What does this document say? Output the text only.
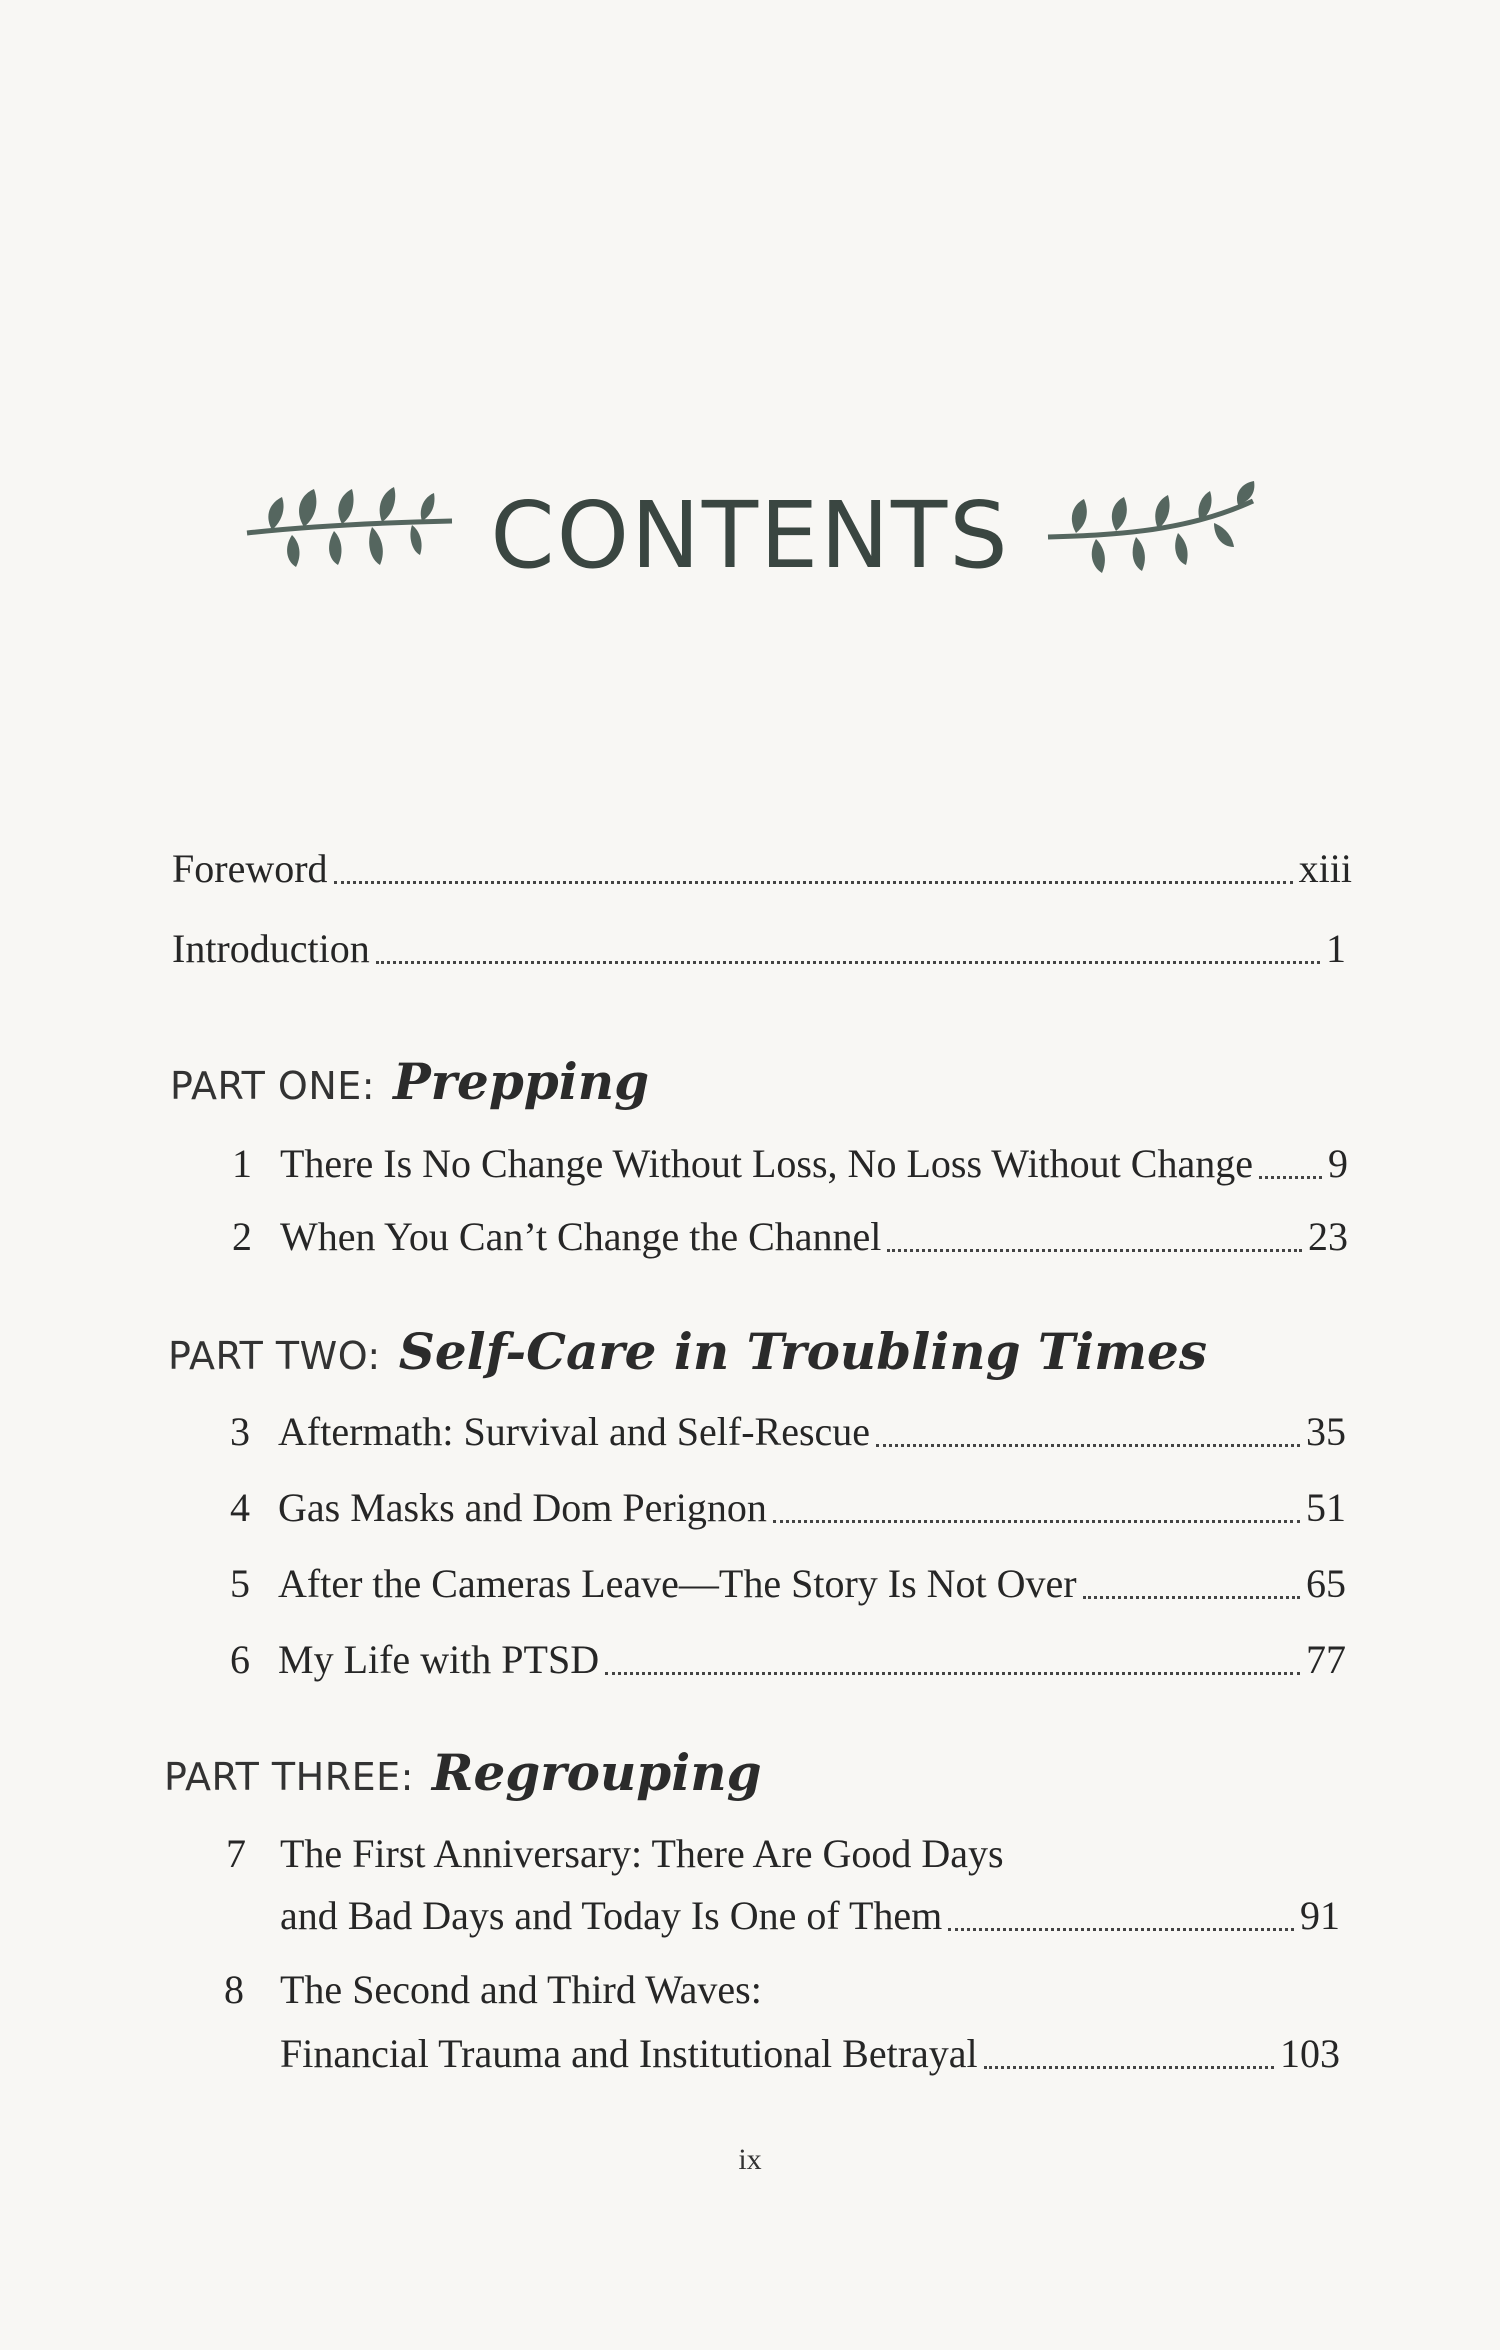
CONTENTS
Foreword	xiii
Introduction	1
PART ONE: Prepping
1 There Is No Change Without Loss, No Loss Without Change 9
2 When You Can’t Change the Channel	23
PART TWO: Self-Care in Troubling Times
3 Aftermath: Survival and Self-Rescue	35
4 Gas Masks and Dom Perignon	51
5 After the Cameras Leave—The Story Is Not Over	65
6 My Life with PTSD	77
PART THREE: Regrouping
7 The First Anniversary: There Are Good Days
and Bad Days and Today Is One of Them	91
8 The Second and Third Waves:
Financial Trauma and Institutional Betrayal	103
ix
